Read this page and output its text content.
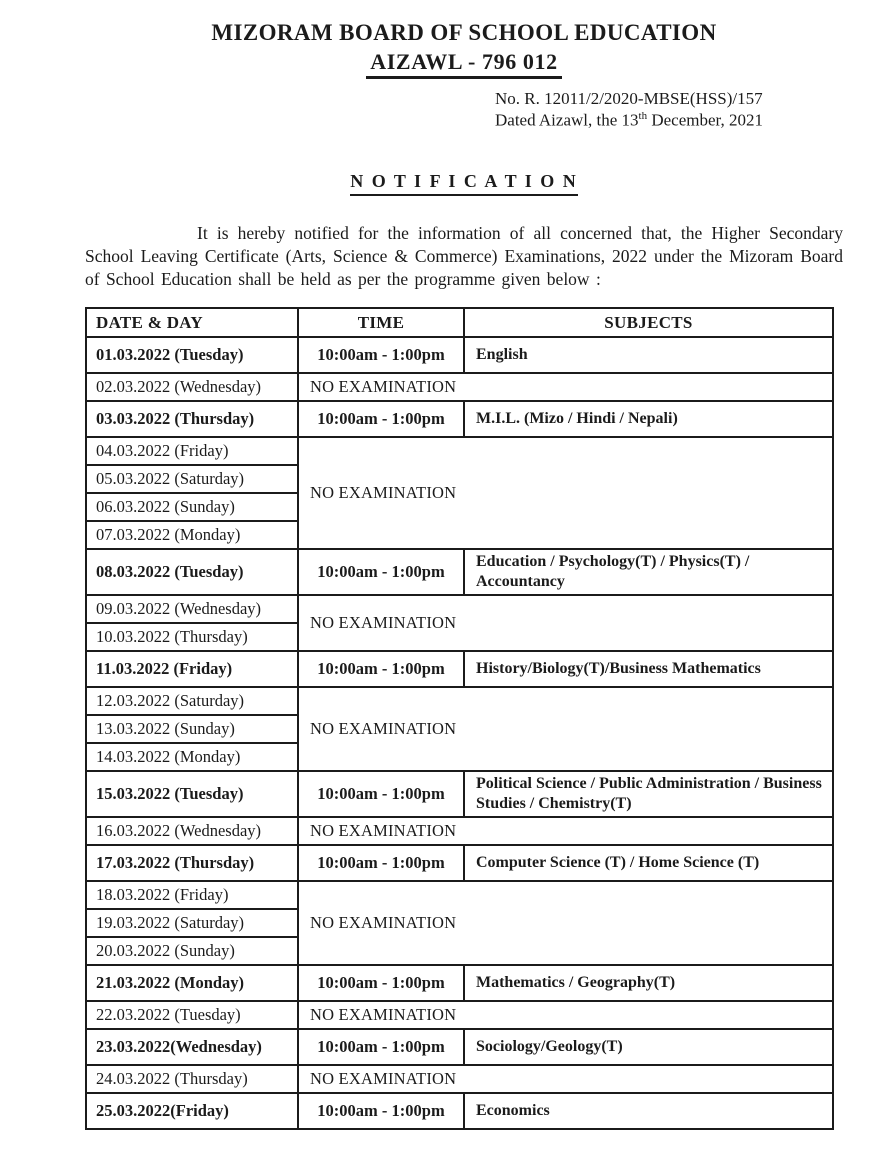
MIZORAM BOARD OF SCHOOL EDUCATION
AIZAWL - 796 012
No. R. 12011/2/2020-MBSE(HSS)/157
Dated Aizawl, the 13th December, 2021
N O T I F I C A T I O N

It is hereby notified for the information of all concerned that, the Higher Secondary School Leaving Certificate (Arts, Science & Commerce) Examinations, 2022 under the Mizoram Board of School Education shall be held as per the programme given below :

DATE & DAY	TIME	SUBJECTS
01.03.2022 (Tuesday)	10:00am - 1:00pm	English
02.03.2022 (Wednesday)	NO EXAMINATION	
03.03.2022 (Thursday)	10:00am - 1:00pm	M.I.L. (Mizo / Hindi / Nepali)
04.03.2022 (Friday)	NO EXAMINATION	
05.03.2022 (Saturday)		
06.03.2022 (Sunday)		
07.03.2022 (Monday)		
08.03.2022 (Tuesday)	10:00am - 1:00pm	Education / Psychology(T) / Physics(T) / Accountancy
09.03.2022 (Wednesday)	NO EXAMINATION	
10.03.2022 (Thursday)		
11.03.2022 (Friday)	10:00am - 1:00pm	History/Biology(T)/Business Mathematics
12.03.2022 (Saturday)	NO EXAMINATION	
13.03.2022 (Sunday)		
14.03.2022 (Monday)		
15.03.2022 (Tuesday)	10:00am - 1:00pm	Political Science / Public Administration / Business Studies / Chemistry(T)
16.03.2022 (Wednesday)	NO EXAMINATION	
17.03.2022 (Thursday)	10:00am - 1:00pm	Computer Science (T) / Home Science (T)
18.03.2022 (Friday)	NO EXAMINATION	
19.03.2022 (Saturday)		
20.03.2022 (Sunday)		
21.03.2022 (Monday)	10:00am - 1:00pm	Mathematics / Geography(T)
22.03.2022 (Tuesday)	NO EXAMINATION	
23.03.2022(Wednesday)	10:00am - 1:00pm	Sociology/Geology(T)
24.03.2022 (Thursday)	NO EXAMINATION	
25.03.2022(Friday)	10:00am - 1:00pm	Economics
